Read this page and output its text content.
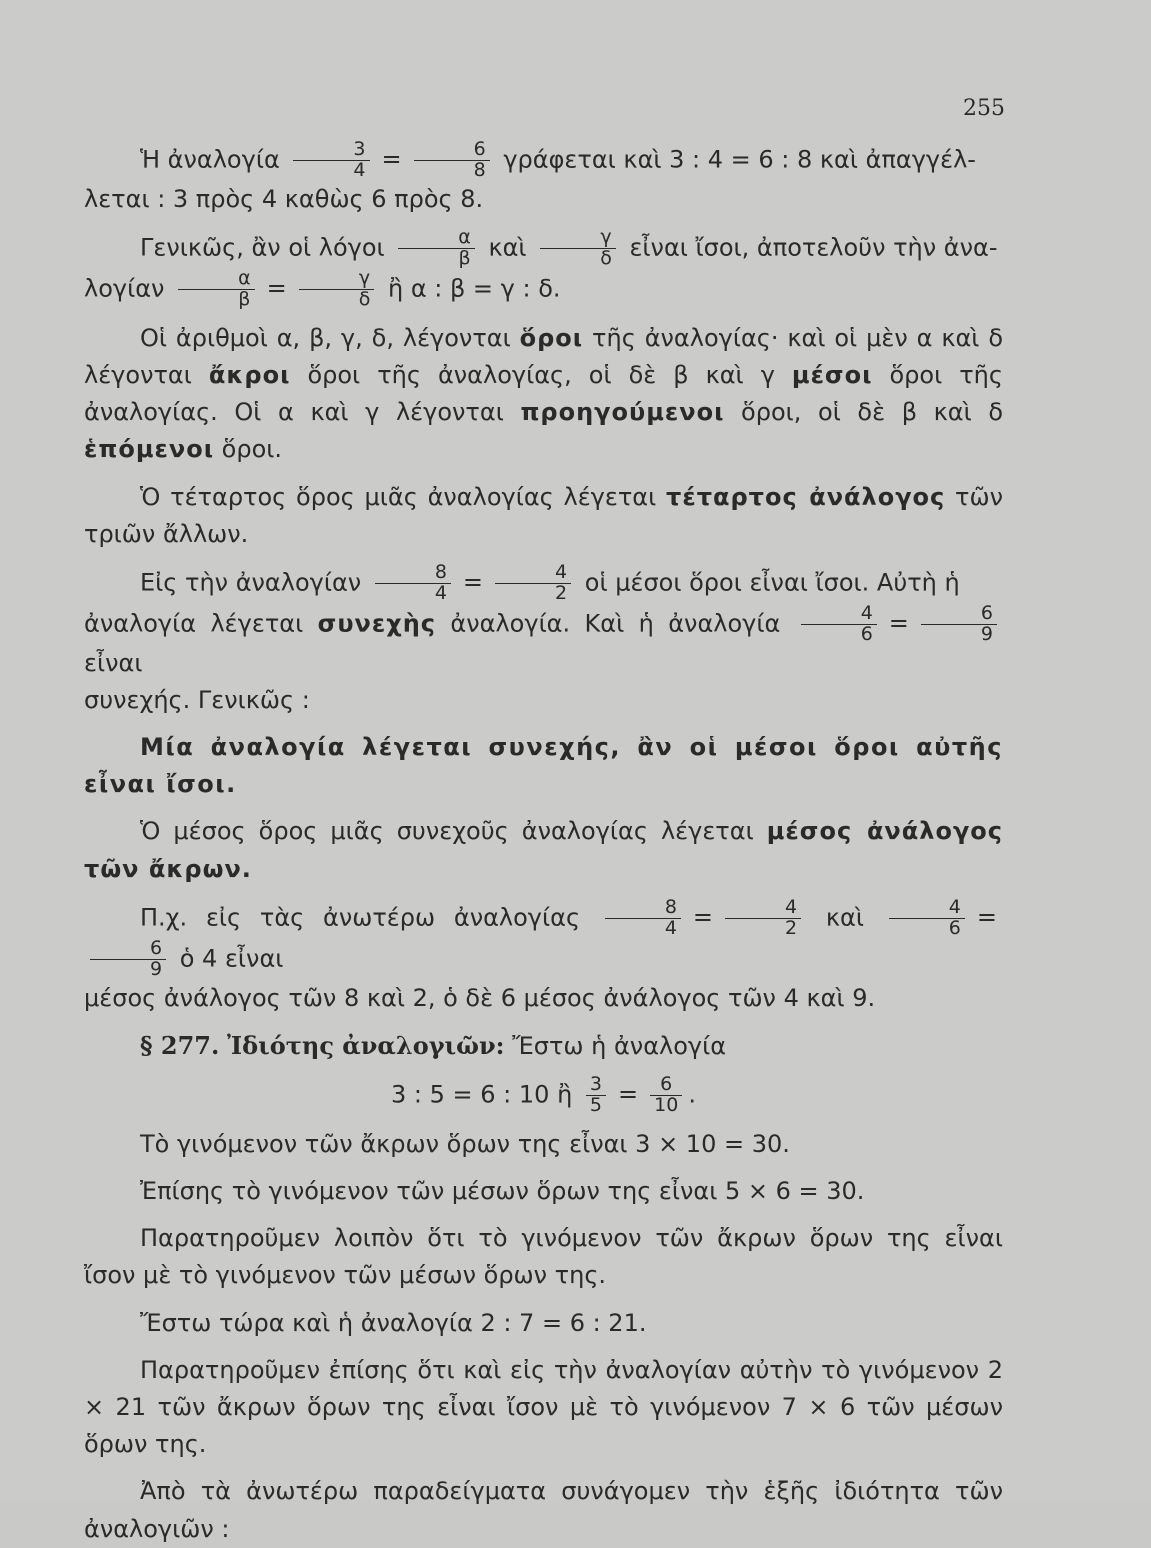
255

Ἡ ἀναλογία $\frac{3}{4} = \frac{6}{8}$ γράφεται καὶ 3 : 4 = 6 : 8 καὶ ἀπαγγέλ-
λεται : 3 πρὸς 4 καθὼς 6 πρὸς 8.

Γενικῶς, ἂν οἱ λόγοι $\frac{\alpha}{\beta}$ καὶ $\frac{\gamma}{\delta}$ εἶναι ἴσοι, ἀποτελοῦν τὴν ἀνα-
λογίαν $\frac{\alpha}{\beta} = \frac{\gamma}{\delta}$ ἢ α : β = γ : δ.

Οἱ ἀριθμοὶ α, β, γ, δ, λέγονται ὅροι τῆς ἀναλογίας· καὶ οἱ μὲν α καὶ δ λέγονται ἄκροι ὅροι τῆς ἀναλογίας, οἱ δὲ β καὶ γ μέσοι ὅροι τῆς ἀναλογίας. Οἱ α καὶ γ λέγονται προηγούμενοι ὅροι, οἱ δὲ β καὶ δ ἑπόμενοι ὅροι.

Ὁ τέταρτος ὅρος μιᾶς ἀναλογίας λέγεται τέταρτος ἀνάλογος τῶν τριῶν ἄλλων.

Εἰς τὴν ἀναλογίαν $\frac{8}{4} = \frac{4}{2}$ οἱ μέσοι ὅροι εἶναι ἴσοι. Αὐτὴ ἡ
ἀναλογία λέγεται συνεχὴς ἀναλογία. Καὶ ἡ ἀναλογία $\frac{4}{6} = \frac{6}{9}$
εἶναι
συνεχής. Γενικῶς :

Μία ἀναλογία λέγεται συνεχής, ἂν οἱ μέσοι ὅροι αὐτῆς εἶναι ἴσοι.

Ὁ μέσος ὅρος μιᾶς συνεχοῦς ἀναλογίας λέγεται μέσος ἀνάλογος τῶν ἄκρων.

Π.χ. εἰς τὰς ἀνωτέρω ἀναλογίας $\frac{8}{4} = \frac{4}{2}$ καὶ $\frac{4}{6}$ =
$\frac{6}{9}$ ὁ 4 εἶναι
μέσος ἀνάλογος τῶν 8 καὶ 2, ὁ δὲ 6 μέσος ἀνάλογος τῶν 4 καὶ 9.

§ 277. Ἰδιότης ἀναλογιῶν: Ἔστω ἡ ἀναλογία

3 : 5 = 6 : 10 ἢ $\frac{3}{5} = \frac{6}{10}$ .

Τὸ γινόμενον τῶν ἄκρων ὅρων της εἶναι 3 × 10 = 30.

Ἐπίσης τὸ γινόμενον τῶν μέσων ὅρων της εἶναι 5 × 6 = 30.

Παρατηροῦμεν λοιπὸν ὅτι τὸ γινόμενον τῶν ἄκρων ὅρων της εἶναι ἴσον μὲ τὸ γινόμενον τῶν μέσων ὅρων της.

Ἔστω τώρα καὶ ἡ ἀναλογία 2 : 7 = 6 : 21.

Παρατηροῦμεν ἐπίσης ὅτι καὶ εἰς τὴν ἀναλογίαν αὐτὴν τὸ γινόμενον 2 × 21 τῶν ἄκρων ὅρων της εἶναι ἴσον μὲ τὸ γινόμενον 7 × 6 τῶν μέσων ὅρων της.

Ἀπὸ τὰ ἀνωτέρω παραδείγματα συνάγομεν τὴν ἑξῆς ἰδιότητα τῶν ἀναλογιῶν :
